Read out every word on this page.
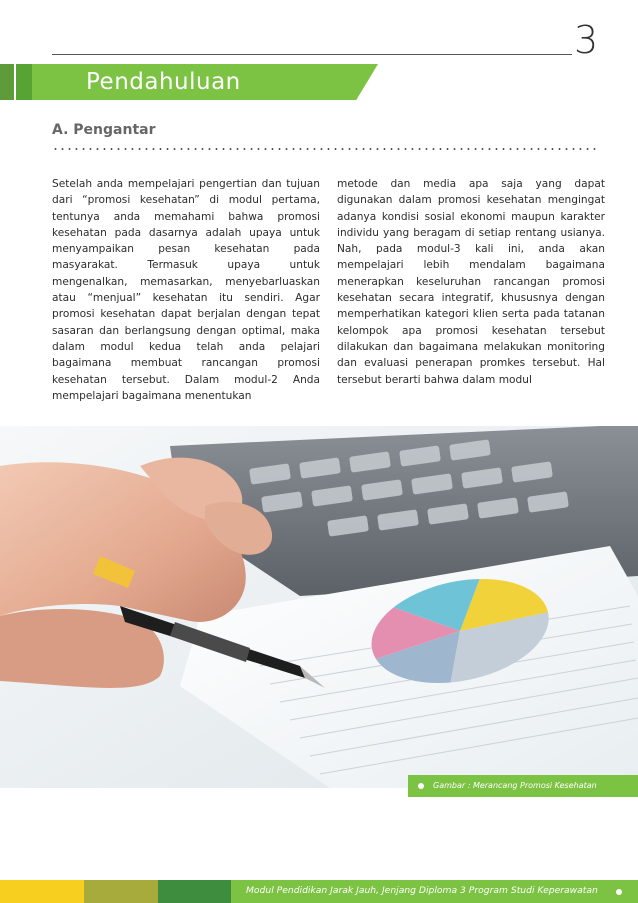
3
Pendahuluan
A. Pengantar
Setelah anda mempelajari pengertian dan tujuan dari “promosi kesehatan” di modul pertama, tentunya anda memahami bahwa promosi kesehatan pada dasarnya adalah upaya untuk menyampaikan pesan kesehatan pada masyarakat. Termasuk upaya untuk mengenalkan, memasarkan, menyebarluaskan atau “menjual” kesehatan itu sendiri. Agar promosi kesehatan dapat berjalan dengan tepat sasaran dan berlangsung dengan optimal, maka dalam modul kedua telah anda pelajari bagaimana membuat rancangan promosi kesehatan tersebut. Dalam modul-2 Anda mempelajari bagaimana menentukan
metode dan media apa saja yang dapat digunakan dalam promosi kesehatan mengingat adanya kondisi sosial ekonomi maupun karakter individu yang beragam di setiap rentang usianya. Nah, pada modul-3 kali ini, anda akan mempelajari lebih mendalam bagaimana menerapkan keseluruhan rancangan promosi kesehatan secara integratif, khususnya dengan memperhatikan kategori klien serta pada tatanan kelompok apa promosi kesehatan tersebut dilakukan dan bagaimana melakukan monitoring dan evaluasi penerapan promkes tersebut. Hal tersebut berarti bahwa dalam modul
Gambar : Merancang Promosi Kesehatan
Modul Pendidikan Jarak Jauh, Jenjang Diploma 3 Program Studi Keperawatan
